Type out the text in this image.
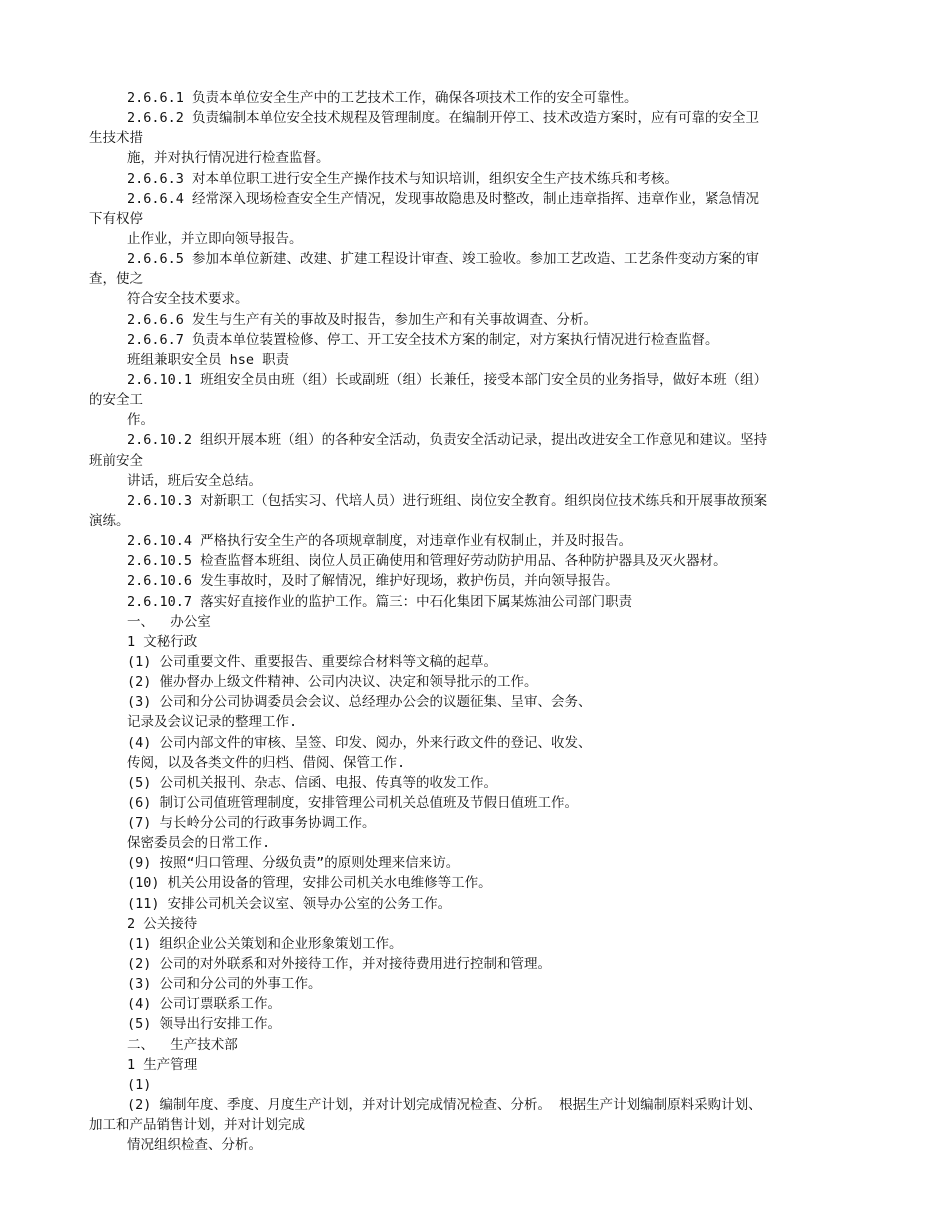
2.6.6.1 负责本单位安全生产中的工艺技术工作，确保各项技术工作的安全可靠性。
2.6.6.2 负责编制本单位安全技术规程及管理制度。在编制开停工、技术改造方案时，应有可靠的安全卫
生技术措
施，并对执行情况进行检查监督。
2.6.6.3 对本单位职工进行安全生产操作技术与知识培训，组织安全生产技术练兵和考核。
2.6.6.4 经常深入现场检查安全生产情况，发现事故隐患及时整改，制止违章指挥、违章作业，紧急情况
下有权停
止作业，并立即向领导报告。
2.6.6.5 参加本单位新建、改建、扩建工程设计审查、竣工验收。参加工艺改造、工艺条件变动方案的审
查，使之
符合安全技术要求。
2.6.6.6 发生与生产有关的事故及时报告，参加生产和有关事故调查、分析。
2.6.6.7 负责本单位装置检修、停工、开工安全技术方案的制定，对方案执行情况进行检查监督。
班组兼职安全员 hse 职责
2.6.10.1 班组安全员由班（组）长或副班（组）长兼任，接受本部门安全员的业务指导，做好本班（组）
的安全工
作。
2.6.10.2 组织开展本班（组）的各种安全活动，负责安全活动记录，提出改进安全工作意见和建议。坚持
班前安全
讲话，班后安全总结。
2.6.10.3 对新职工（包括实习、代培人员）进行班组、岗位安全教育。组织岗位技术练兵和开展事故预案
演练。
2.6.10.4 严格执行安全生产的各项规章制度，对违章作业有权制止，并及时报告。
2.6.10.5 检查监督本班组、岗位人员正确使用和管理好劳动防护用品、各种防护器具及灭火器材。
2.6.10.6 发生事故时，及时了解情况，维护好现场，救护伤员，并向领导报告。
2.6.10.7 落实好直接作业的监护工作。篇三：中石化集团下属某炼油公司部门职责
一、  办公室
1 文秘行政
(1) 公司重要文件、重要报告、重要综合材料等文稿的起草。
(2) 催办督办上级文件精神、公司内决议、决定和领导批示的工作。
(3) 公司和分公司协调委员会会议、总经理办公会的议题征集、呈审、会务、
记录及会议记录的整理工作.
(4) 公司内部文件的审核、呈签、印发、阅办，外来行政文件的登记、收发、
传阅，以及各类文件的归档、借阅、保管工作.
(5) 公司机关报刊、杂志、信函、电报、传真等的收发工作。
(6) 制订公司值班管理制度，安排管理公司机关总值班及节假日值班工作。
(7) 与长岭分公司的行政事务协调工作。
保密委员会的日常工作.
(9) 按照“归口管理、分级负责”的原则处理来信来访。
(10) 机关公用设备的管理，安排公司机关水电维修等工作。
(11) 安排公司机关会议室、领导办公室的公务工作。
2 公关接待
(1) 组织企业公关策划和企业形象策划工作。
(2) 公司的对外联系和对外接待工作，并对接待费用进行控制和管理。
(3) 公司和分公司的外事工作。
(4) 公司订票联系工作。
(5) 领导出行安排工作。
二、  生产技术部
1 生产管理
(1)
(2) 编制年度、季度、月度生产计划，并对计划完成情况检查、分析。 根据生产计划编制原料采购计划、
加工和产品销售计划，并对计划完成
情况组织检查、分析。
